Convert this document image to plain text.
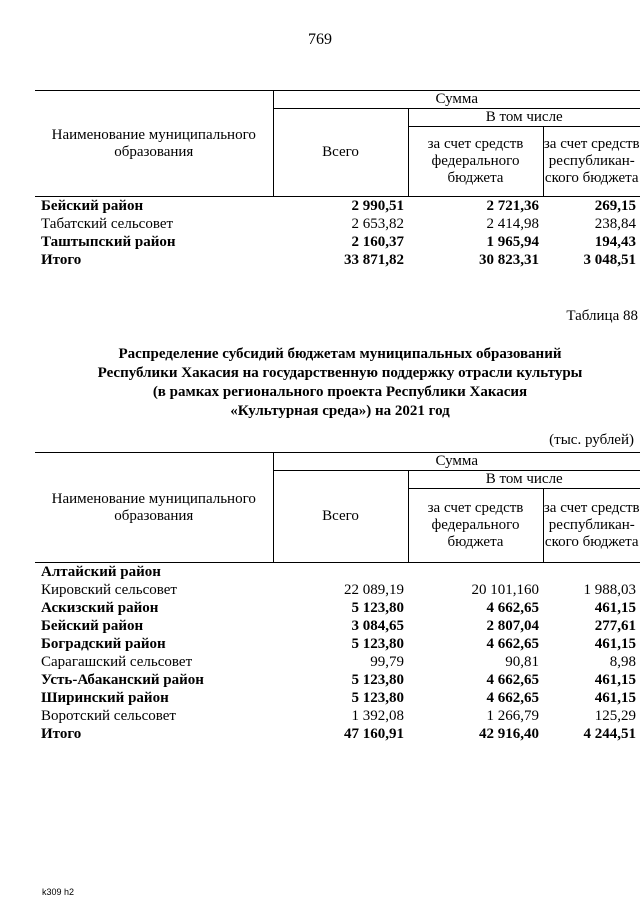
769
Наименование муниципального образования	Сумма		
	Всего	В том числе	
		за счет средств федерального бюджета	за счет средств республикан-ского бюджета
Бейский район	2 990,51	2 721,36	269,15
Табатский сельсовет	2 653,82	2 414,98	238,84
Таштыпский район	2 160,37	1 965,94	194,43
Итого	33 871,82	30 823,31	3 048,51
Таблица 88
Распределение субсидий бюджетам муниципальных образований
Республики Хакасия на государственную поддержку отрасли культуры
(в рамках регионального проекта Республики Хакасия
«Культурная среда») на 2021 год
(тыс. рублей)
Наименование муниципального образования	Сумма		
	Всего	В том числе	
		за счет средств федерального бюджета	за счет средств республикан-ского бюджета
Алтайский район			
Кировский сельсовет	22 089,19	20 101,160	1 988,03
Аскизский район	5 123,80	4 662,65	461,15
Бейский район	3 084,65	2 807,04	277,61
Боградский район	5 123,80	4 662,65	461,15
Сарагашский сельсовет	99,79	90,81	8,98
Усть-Абаканский район	5 123,80	4 662,65	461,15
Ширинский район	5 123,80	4 662,65	461,15
Воротский сельсовет	1 392,08	1 266,79	125,29
Итого	47 160,91	42 916,40	4 244,51
k309 h2
